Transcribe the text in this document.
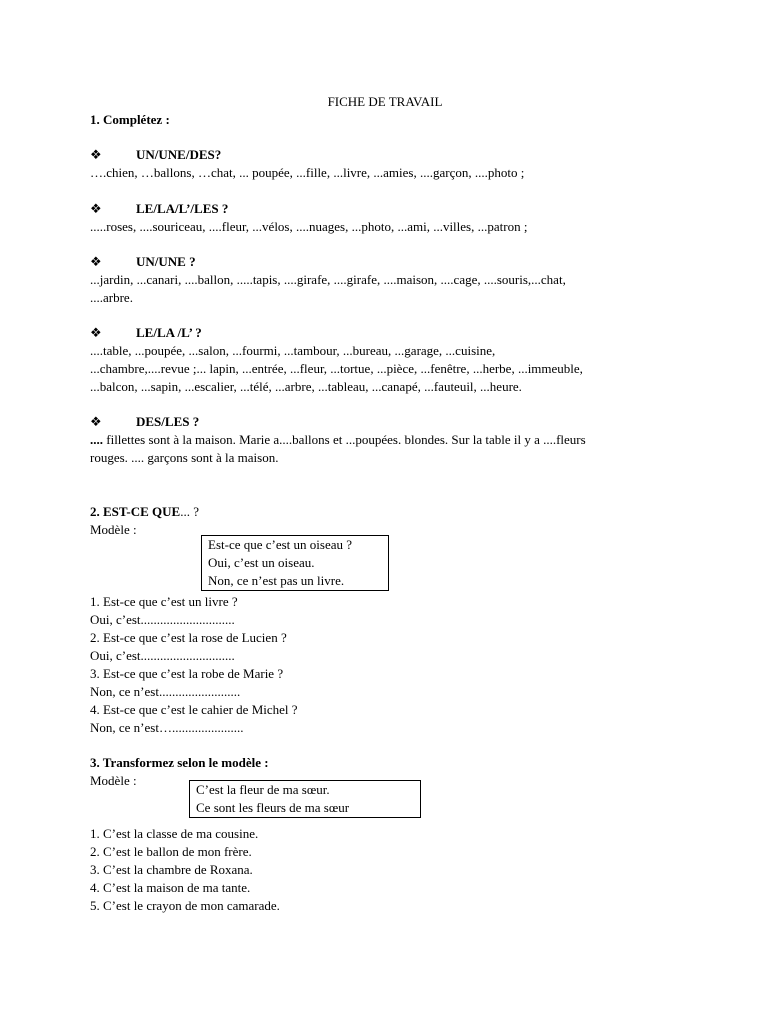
FICHE DE TRAVAIL
1. Complétez :
❖	UN/UNE/DES?
….chien, …ballons, …chat, ... poupée, ...fille, ...livre, ...amies, ....garçon, ....photo ;
❖	LE/LA/L’/LES ?
.....roses, ....souriceau, ....fleur, ...vélos, ....nuages, ...photo, ...ami, ...villes, ...patron ;
❖	UN/UNE ?
...jardin, ...canari, ....ballon, .....tapis, ....girafe, ....girafe, ....maison, ....cage, ....souris,...chat,
....arbre.
❖	LE/LA /L’ ?
....table, ...poupée, ...salon, ...fourmi, ...tambour, ...bureau, ...garage, ...cuisine,
...chambre,....revue ;... lapin, ...entrée, ...fleur, ...tortue, ...pièce, ...fenêtre, ...herbe, ...immeuble,
...balcon, ...sapin, ...escalier, ...télé, ...arbre, ...tableau, ...canapé, ...fauteuil, ...heure.
❖	DES/LES ?
.... fillettes sont à la maison. Marie a....ballons et ...poupées. blondes. Sur la table il y a ....fleurs
rouges. .... garçons sont à la maison.
2. EST-CE QUE... ?
Modèle :
Est-ce que c’est un oiseau ?
Oui, c’est un oiseau.
Non, ce n’est pas un livre.
1. Est-ce que c’est un livre ?
Oui, c’est.............................
2. Est-ce que c’est la rose de Lucien ?
Oui, c’est.............................
3. Est-ce que c’est la robe de Marie ?
Non, ce n’est.........................
4. Est-ce que c’est le cahier de Michel ?
Non, ce n’est…......................
3. Transformez selon le modèle :
Modèle :
C’est la fleur de ma sœur.
Ce sont les fleurs de ma sœur
1. C’est la classe de ma cousine.
2. C’est le ballon de mon frère.
3. C’est la chambre de Roxana.
4. C’est la maison de ma tante.
5. C’est le crayon de mon camarade.
